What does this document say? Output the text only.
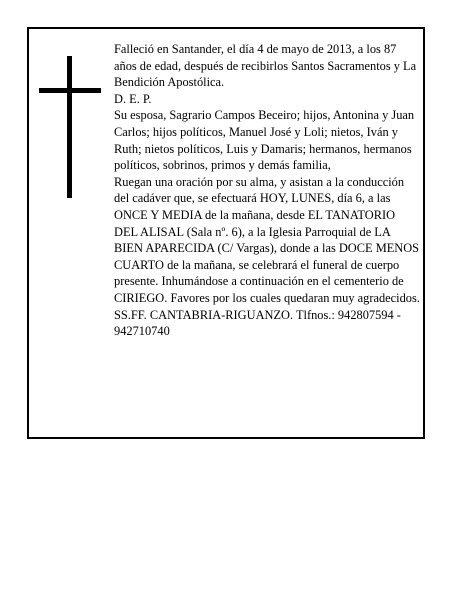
Falleció en Santander, el día 4 de mayo de 2013, a los 87 años de edad, después de recibirlos Santos Sacramentos y La Bendición Apostólica.

D. E. P.

Su esposa, Sagrario Campos Beceiro; hijos, Antonina y Juan Carlos; hijos políticos, Manuel José y Loli; nietos, Iván y Ruth; nietos políticos, Luis y Damaris; hermanos, hermanos políticos, sobrinos, primos y demás familia,

Ruegan una oración por su alma, y asistan a la conducción del cadáver que, se efectuará HOY, LUNES, día 6, a las ONCE Y MEDIA de la mañana, desde EL TANATORIO DEL ALISAL (Sala nº. 6), a la Iglesia Parroquial de LA BIEN APARECIDA (C/ Vargas), donde a las DOCE MENOS CUARTO de la mañana, se celebrará el funeral de cuerpo presente. Inhumándose a continuación en el cementerio de CIRIEGO. Favores por los cuales quedaran muy agradecidos.

SS.FF. CANTABRIA-RIGUANZO. Tlfnos.: 942807594 - 942710740
